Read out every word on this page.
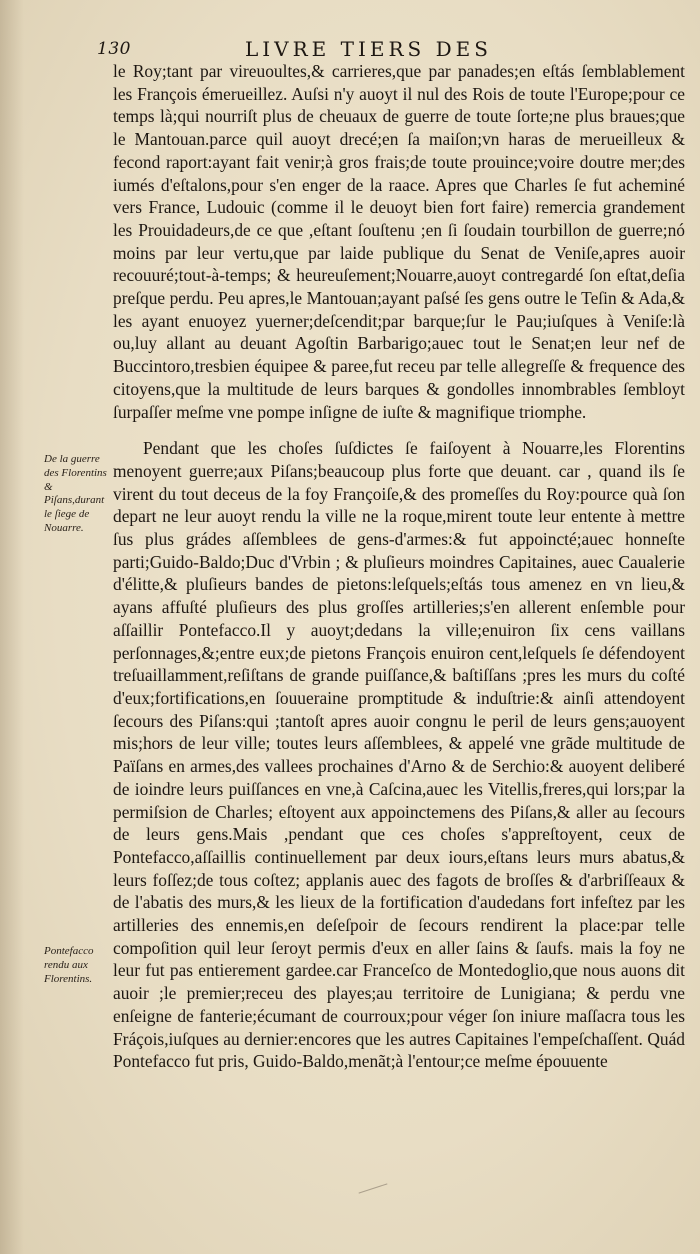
130	LIVRE TIERS DES

le Roy;tant par vireuoultes,& carrieres,que par panades;en eſtás ſemblablement les François émerueillez. Auſsi n'y auoyt il nul des Rois de toute l'Europe;pour ce temps là;qui nourriſt plus de cheuaux de guerre de toute ſorte;ne plus braues;que le Mantouan.parce quil auoyt drecé;en ſa maiſon;vn haras de merueilleux & fecond raport:ayant fait venir;à gros frais;de toute prouince;voire doutre mer;des iumés d'eſtalons,pour s'en enger de la raace. Apres que Charles ſe fut acheminé vers France, Ludouic (comme il le deuoyt bien fort faire) remercia grandement les Prouidadeurs,de ce que ,eſtant ſouſtenu ;en ſi ſoudain tourbillon de guerre;nó moins par leur vertu,que par laide publique du Senat de Veniſe,apres auoir recouuré;tout-à-temps; & heureuſement;Nouarre,auoyt contregardé ſon eſtat,deſia preſque perdu. Peu apres,le Mantouan;ayant paſsé ſes gens outre le Teſin & Ada,& les ayant enuoyez yuerner;deſcendit;par barque;ſur le Pau;iuſques à Veniſe:là ou,luy allant au deuant Agoſtin Barbarigo;auec tout le Senat;en leur nef de Buccintoro,tresbien équipee & paree,fut receu par telle allegreſſe & frequence des citoyens,que la multitude de leurs barques & gondolles innombrables ſembloyt ſurpaſſer meſme vne pompe inſigne de iuſte & magnifique triomphe.

Pendant que les choſes ſuſdictes ſe faiſoyent à Nouarre,les Florentins menoyent guerre;aux Piſans;beaucoup plus forte que deuant. car , quand ils ſe virent du tout deceus de la foy Françoiſe,& des promeſſes du Roy:pource quà ſon depart ne leur auoyt rendu la ville ne la roque,mirent toute leur entente à mettre ſus plus grádes aſſemblees de gens-d'armes:& fut appoincté;auec honneſte parti;Guido-Baldo;Duc d'Vrbin ; & pluſieurs moindres Capitaines, auec Caualerie d'élitte,& pluſieurs bandes de pietons:leſquels;eſtás tous amenez en vn lieu,& ayans affuſté pluſieurs des plus groſſes artilleries;s'en allerent enſemble pour aſſaillir Pontefacco.Il y auoyt;dedans la ville;enuiron ſix cens vaillans perſonnages,&;entre eux;de pietons François enuiron cent,leſquels ſe défendoyent treſuaillamment,reſiſtans de grande puiſſance,& baſtiſſans ;pres les murs du coſté d'eux;fortifications,en ſouueraine promptitude & induſtrie:& ainſi attendoyent ſecours des Piſans:qui ;tantoſt apres auoir congnu le peril de leurs gens;auoyent mis;hors de leur ville; toutes leurs aſſemblees, & appelé vne grãde multitude de Païſans en armes,des vallees prochaines d'Arno & de Serchio:& auoyent deliberé de ioindre leurs puiſſances en vne,à Caſcina,auec les Vitellis,freres,qui lors;par la permiſsion de Charles; eſtoyent aux appoinctemens des Piſans,& aller au ſecours de leurs gens.Mais ,pendant que ces choſes s'appreſtoyent, ceux de Pontefacco,aſſaillis continuellement par deux iours,eſtans leurs murs abatus,& leurs foſſez;de tous coſtez; applanis auec des fagots de broſſes & d'arbriſſeaux & de l'abatis des murs,& les lieux de la fortification d'audedans fort infeſtez par les artilleries des ennemis,en deſeſpoir de ſecours rendirent la place:par telle compoſition quil leur ſeroyt permis d'eux en aller ſains & ſaufs. mais la foy ne leur fut pas entierement gardee.car Franceſco de Montedoglio,que nous auons dit auoir ;le premier;receu des playes;au territoire de Lunigiana; & perdu vne enſeigne de fanterie;écumant de courroux;pour véger ſon iniure maſſacra tous les Fráçois,iuſques au dernier:encores que les autres Capitaines l'empeſchaſſent. Quád Pontefacco fut pris, Guido-Baldo,menãt;à l'entour;ce meſme épouuente

De la guerre des Florentins & Piſans,durant le ſiege de Nouarre.
Pontefacco rendu aux Florentins.
